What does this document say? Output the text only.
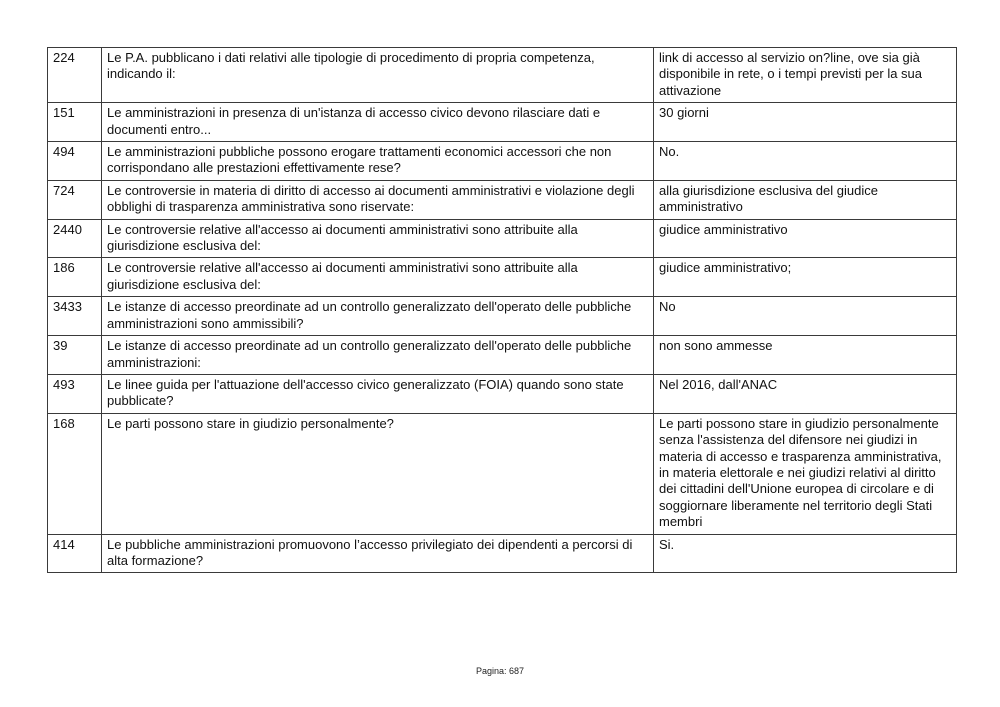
224	Le P.A. pubblicano i dati relativi alle tipologie di procedimento di propria competenza, indicando il:	link di accesso al servizio on?line, ove sia già disponibile in rete, o i tempi previsti per la sua attivazione
151	Le amministrazioni in presenza di un'istanza di accesso civico devono rilasciare dati e documenti entro...	30 giorni
494	Le amministrazioni pubbliche possono erogare trattamenti economici accessori che non corrispondano alle prestazioni effettivamente rese?	No.
724	Le controversie in materia di diritto di accesso ai documenti amministrativi e violazione degli obblighi di trasparenza amministrativa sono riservate:	alla giurisdizione esclusiva del giudice amministrativo
2440	Le controversie relative all'accesso ai documenti amministrativi sono attribuite alla giurisdizione esclusiva del:	giudice amministrativo
186	Le controversie relative all'accesso ai documenti amministrativi sono attribuite alla giurisdizione esclusiva del:	giudice amministrativo;
3433	Le istanze di accesso preordinate ad un controllo generalizzato dell'operato delle pubbliche amministrazioni sono ammissibili?	No
39	Le istanze di accesso preordinate ad un controllo generalizzato dell'operato delle pubbliche amministrazioni:	non sono ammesse
493	Le linee guida per l'attuazione dell'accesso civico generalizzato (FOIA) quando sono state pubblicate?	Nel 2016, dall'ANAC
168	Le parti possono stare in giudizio personalmente?	Le parti possono stare in giudizio personalmente senza l'assistenza del difensore nei giudizi in materia di accesso e trasparenza amministrativa, in materia elettorale e nei giudizi relativi al diritto dei cittadini dell'Unione europea di circolare e di soggiornare liberamente nel territorio degli Stati membri
414	Le pubbliche amministrazioni promuovono l’accesso privilegiato dei dipendenti a percorsi di alta formazione?	Si.
Pagina: 687
